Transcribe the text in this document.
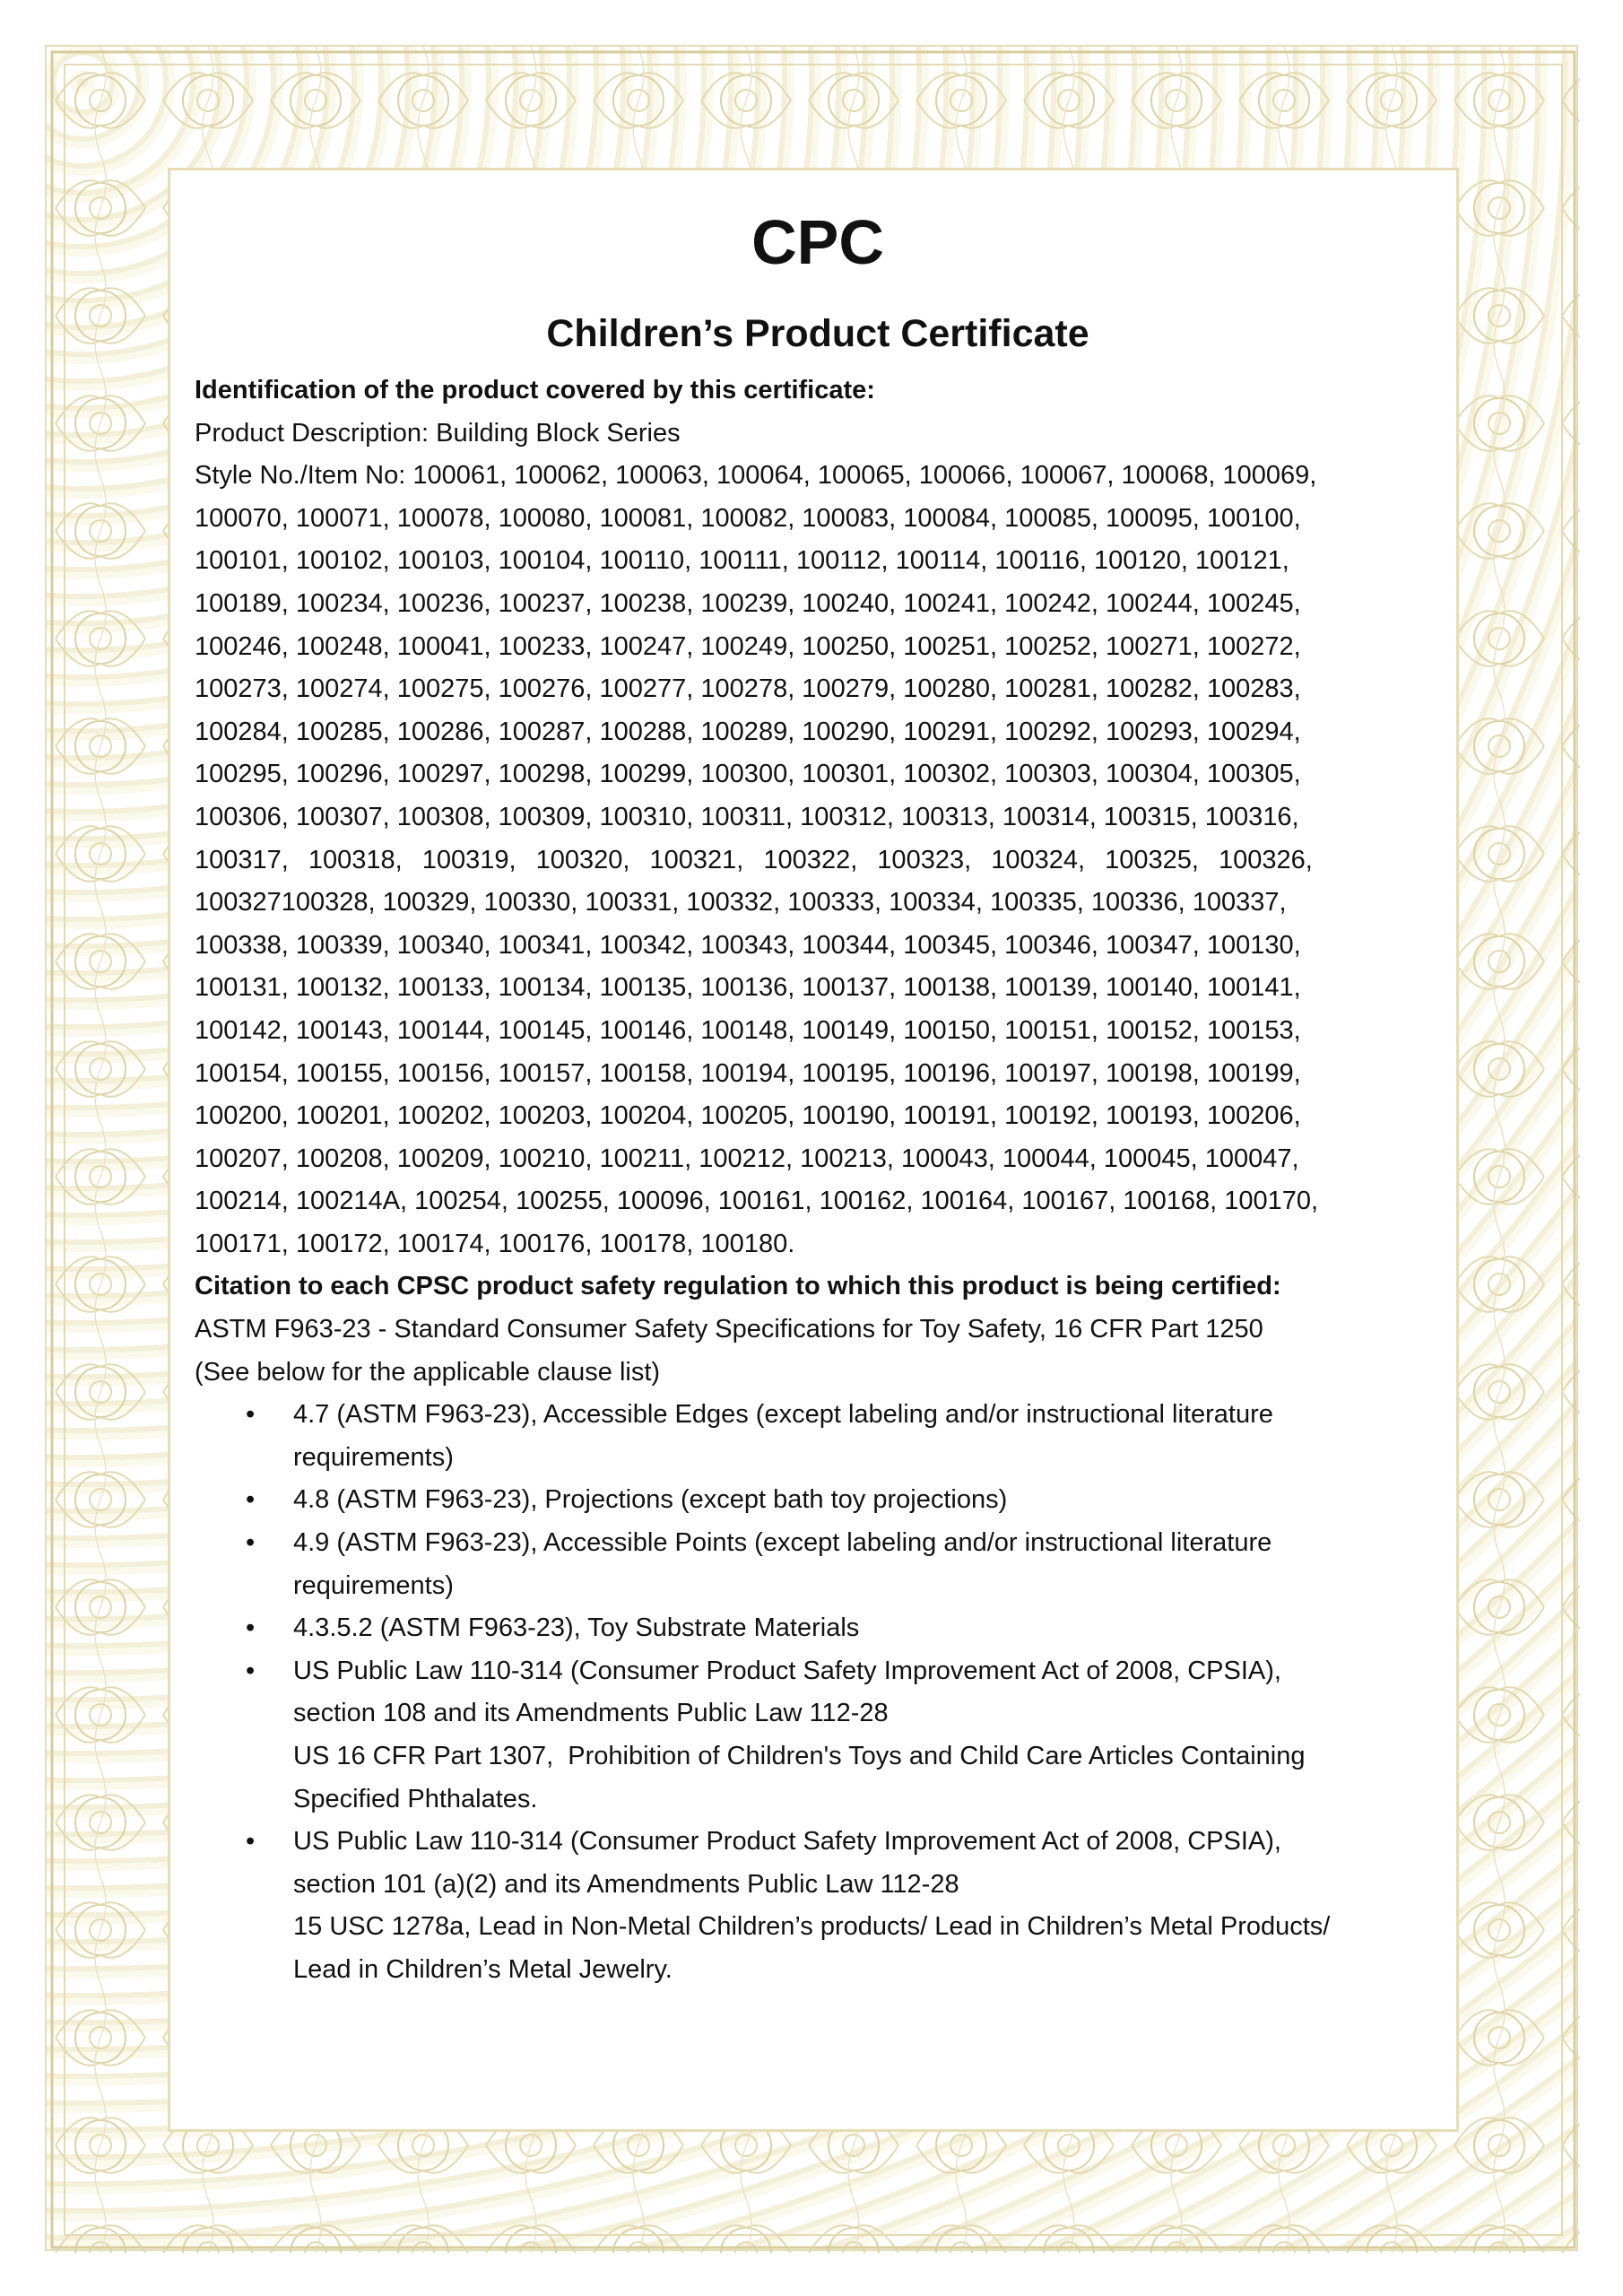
CPC
Children’s Product Certificate

Identification of the product covered by this certificate:

Product Description: Building Block Series

Style No./Item No: 100061, 100062, 100063, 100064, 100065, 100066, 100067, 100068, 100069,

100070, 100071, 100078, 100080, 100081, 100082, 100083, 100084, 100085, 100095, 100100,

100101, 100102, 100103, 100104, 100110, 100111, 100112, 100114, 100116, 100120, 100121,

100189, 100234, 100236, 100237, 100238, 100239, 100240, 100241, 100242, 100244, 100245,

100246, 100248, 100041, 100233, 100247, 100249, 100250, 100251, 100252, 100271, 100272,

100273, 100274, 100275, 100276, 100277, 100278, 100279, 100280, 100281, 100282, 100283,

100284, 100285, 100286, 100287, 100288, 100289, 100290, 100291, 100292, 100293, 100294,

100295, 100296, 100297, 100298, 100299, 100300, 100301, 100302, 100303, 100304, 100305,

100306, 100307, 100308, 100309, 100310, 100311, 100312, 100313, 100314, 100315, 100316,

100317, 100318, 100319, 100320, 100321, 100322, 100323, 100324, 100325, 100326,

100327100328, 100329, 100330, 100331, 100332, 100333, 100334, 100335, 100336, 100337,

100338, 100339, 100340, 100341, 100342, 100343, 100344, 100345, 100346, 100347, 100130,

100131, 100132, 100133, 100134, 100135, 100136, 100137, 100138, 100139, 100140, 100141,

100142, 100143, 100144, 100145, 100146, 100148, 100149, 100150, 100151, 100152, 100153,

100154, 100155, 100156, 100157, 100158, 100194, 100195, 100196, 100197, 100198, 100199,

100200, 100201, 100202, 100203, 100204, 100205, 100190, 100191, 100192, 100193, 100206,

100207, 100208, 100209, 100210, 100211, 100212, 100213, 100043, 100044, 100045, 100047,

100214, 100214A, 100254, 100255, 100096, 100161, 100162, 100164, 100167, 100168, 100170,

100171, 100172, 100174, 100176, 100178, 100180.

Citation to each CPSC product safety regulation to which this product is being certified:

ASTM F963-23 - Standard Consumer Safety Specifications for Toy Safety, 16 CFR Part 1250

(See below for the applicable clause list)

• 4.7 (ASTM F963-23), Accessible Edges (except labeling and/or instructional literature
requirements)
• 4.8 (ASTM F963-23), Projections (except bath toy projections)
• 4.9 (ASTM F963-23), Accessible Points (except labeling and/or instructional literature
requirements)
• 4.3.5.2 (ASTM F963-23), Toy Substrate Materials
• US Public Law 110-314 (Consumer Product Safety Improvement Act of 2008, CPSIA),
section 108 and its Amendments Public Law 112-28
US 16 CFR Part 1307,  Prohibition of Children's Toys and Child Care Articles Containing
Specified Phthalates.
• US Public Law 110-314 (Consumer Product Safety Improvement Act of 2008, CPSIA),
section 101 (a)(2) and its Amendments Public Law 112-28
15 USC 1278a, Lead in Non-Metal Children’s products/ Lead in Children’s Metal Products/
Lead in Children’s Metal Jewelry.
